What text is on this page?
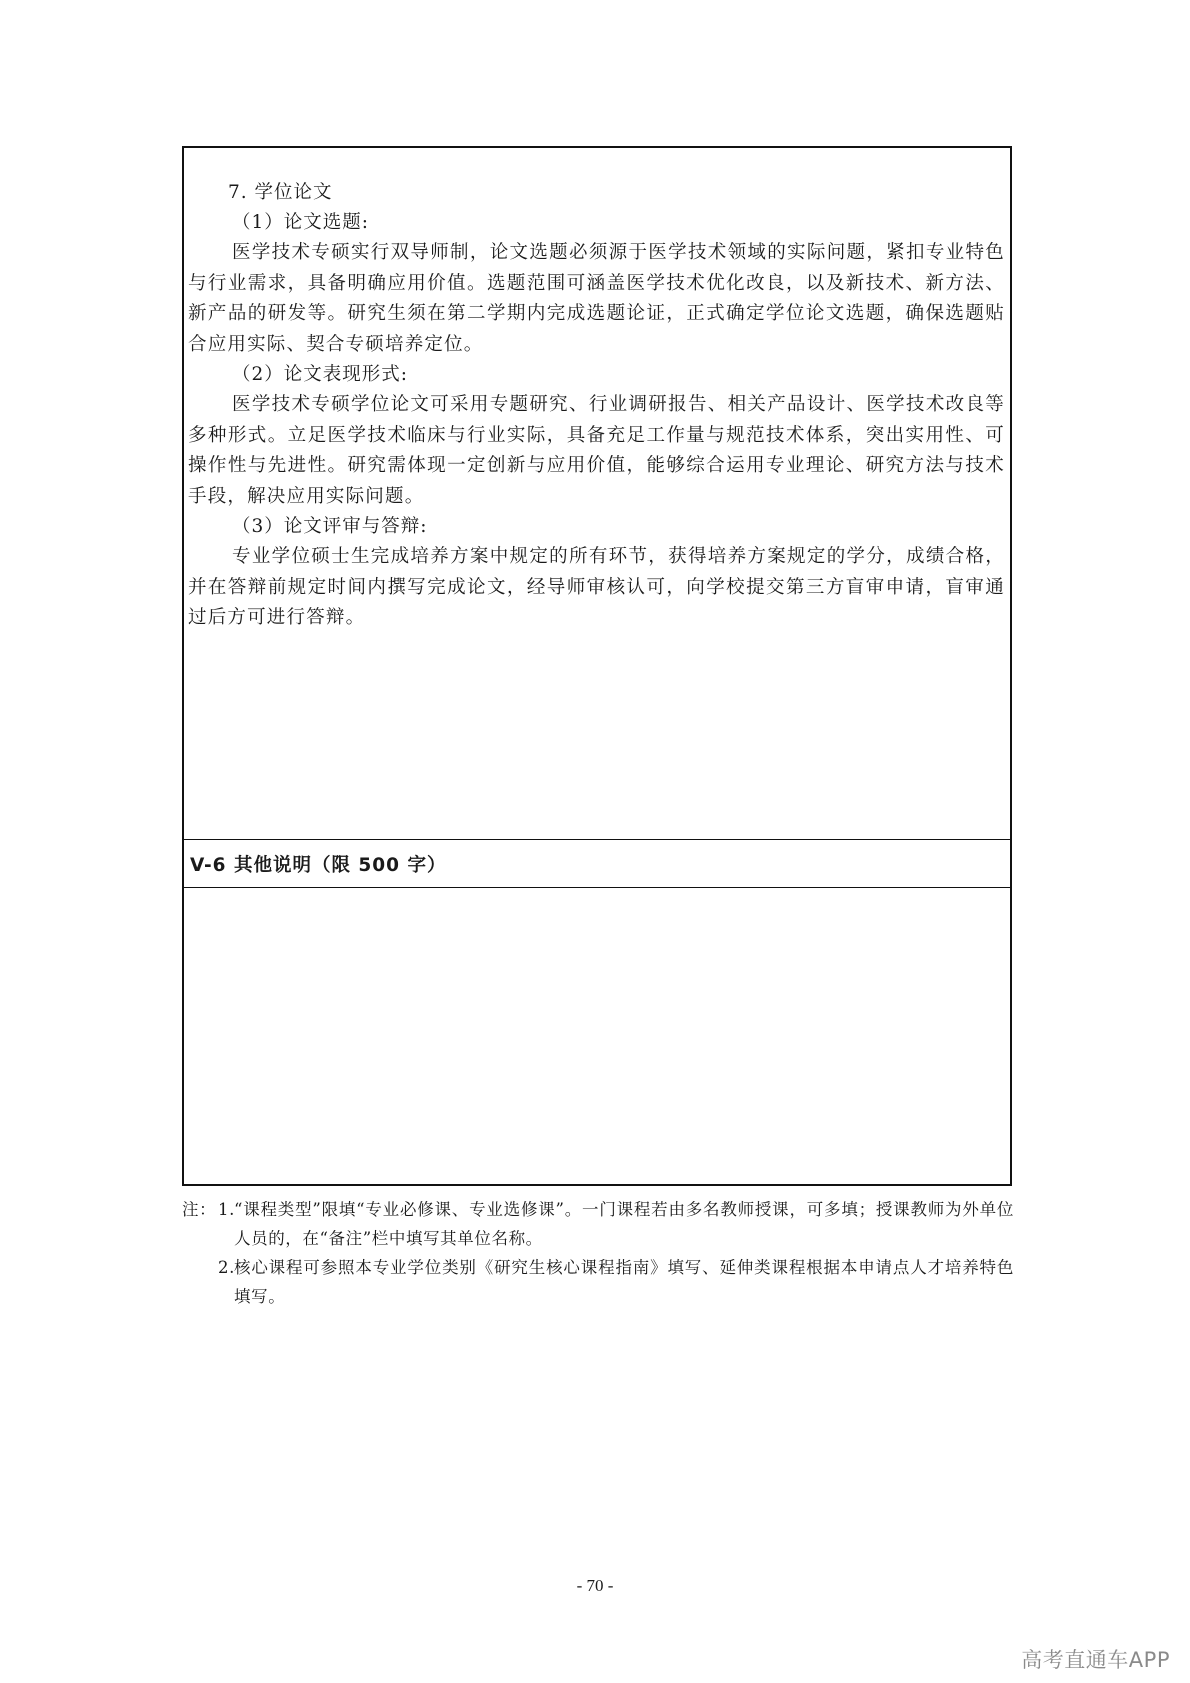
7. 学位论文
（1）论文选题:

医学技术专硕实行双导师制，论文选题必须源于医学技术领域的实际问题，紧扣专业特色与行业需求，具备明确应用价值。选题范围可涵盖医学技术优化改良，以及新技术、新方法、新产品的研发等。研究生须在第二学期内完成选题论证，正式确定学位论文选题，确保选题贴合应用实际、契合专硕培养定位。

（2）论文表现形式:

医学技术专硕学位论文可采用专题研究、行业调研报告、相关产品设计、医学技术改良等多种形式。立足医学技术临床与行业实际，具备充足工作量与规范技术体系，突出实用性、可操作性与先进性。研究需体现一定创新与应用价值，能够综合运用专业理论、研究方法与技术手段，解决应用实际问题。

（3）论文评审与答辩:

专业学位硕士生完成培养方案中规定的所有环节，获得培养方案规定的学分，成绩合格，并在答辩前规定时间内撰写完成论文，经导师审核认可，向学校提交第三方盲审申请，盲审通过后方可进行答辩。

V-6 其他说明（限 500 字）
注： 1. “课程类型”限填“专业必修课、专业选修课”。一门课程若由多名教师授课，可多填；授课教师为外单位人员的，在“备注”栏中填写其单位名称。
2. 核心课程可参照本专业学位类别《研究生核心课程指南》填写、延伸类课程根据本申请点人才培养特色填写。
- 70 -
高考直通车APP
